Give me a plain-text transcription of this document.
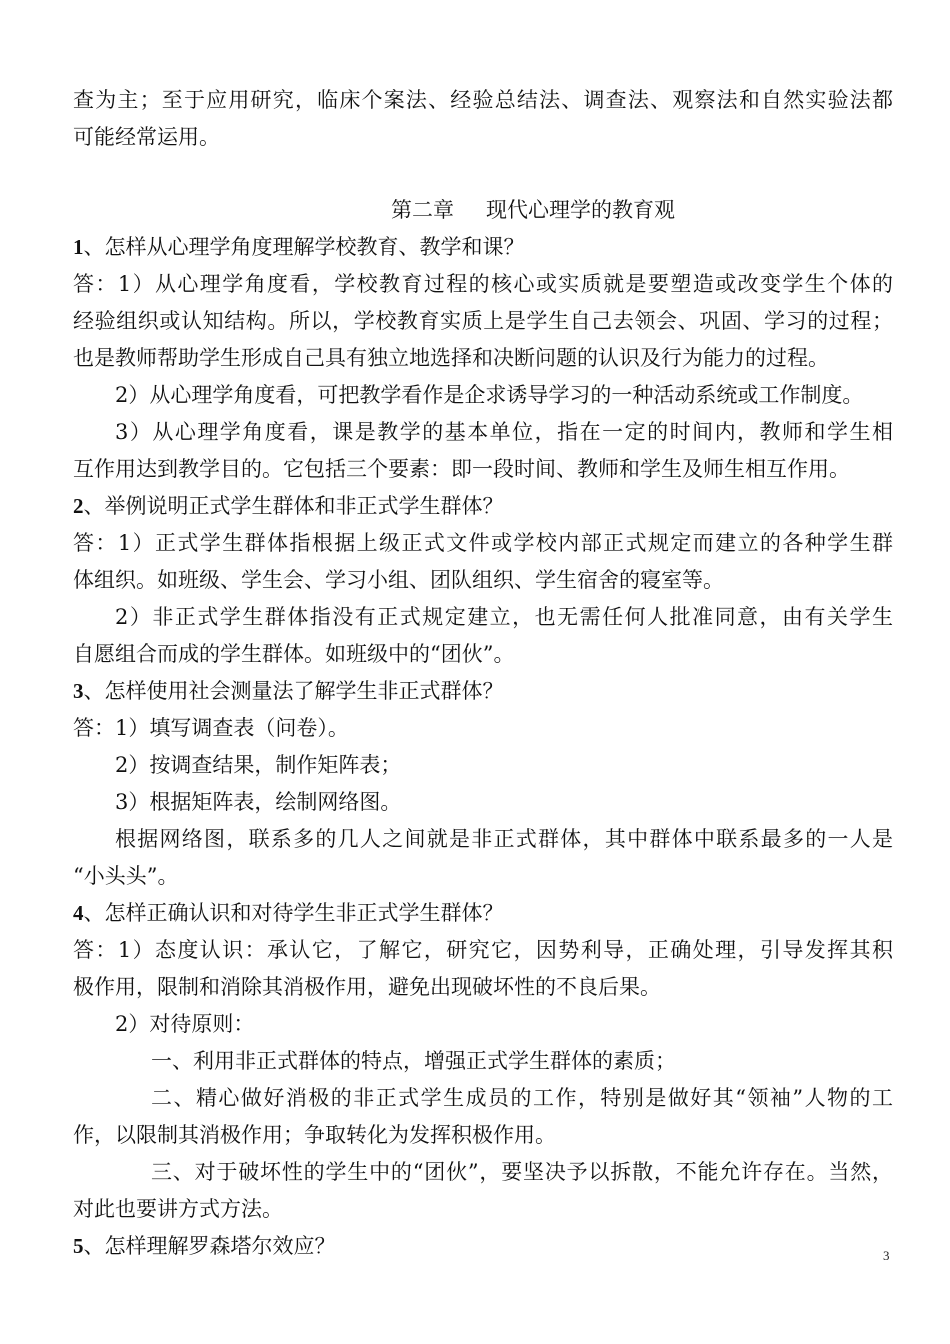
查为主；至于应用研究，临床个案法、经验总结法、调查法、观察法和自然实验法都
可能经常运用。
第二章 现代心理学的教育观
1、怎样从心理学角度理解学校教育、教学和课？
答：1）从心理学角度看，学校教育过程的核心或实质就是要塑造或改变学生个体的
经验组织或认知结构。所以，学校教育实质上是学生自己去领会、巩固、学习的过程；
也是教师帮助学生形成自己具有独立地选择和决断问题的认识及行为能力的过程。
2）从心理学角度看，可把教学看作是企求诱导学习的一种活动系统或工作制度。
3）从心理学角度看，课是教学的基本单位，指在一定的时间内，教师和学生相
互作用达到教学目的。它包括三个要素：即一段时间、教师和学生及师生相互作用。
2、举例说明正式学生群体和非正式学生群体？
答：1）正式学生群体指根据上级正式文件或学校内部正式规定而建立的各种学生群
体组织。如班级、学生会、学习小组、团队组织、学生宿舍的寝室等。
2）非正式学生群体指没有正式规定建立，也无需任何人批准同意，由有关学生
自愿组合而成的学生群体。如班级中的“团伙”。
3、怎样使用社会测量法了解学生非正式群体？
答：1）填写调查表（问卷）。
2）按调查结果，制作矩阵表；
3）根据矩阵表，绘制网络图。
根据网络图，联系多的几人之间就是非正式群体，其中群体中联系最多的一人是
“小头头”。
4、怎样正确认识和对待学生非正式学生群体？
答：1）态度认识：承认它，了解它，研究它，因势利导，正确处理，引导发挥其积
极作用，限制和消除其消极作用，避免出现破坏性的不良后果。
2）对待原则：
一、利用非正式群体的特点，增强正式学生群体的素质；
二、精心做好消极的非正式学生成员的工作，特别是做好其“领袖”人物的工
作，以限制其消极作用；争取转化为发挥积极作用。
三、对于破坏性的学生中的“团伙”，要坚决予以拆散，不能允许存在。当然，
对此也要讲方式方法。
5、怎样理解罗森塔尔效应？	3
